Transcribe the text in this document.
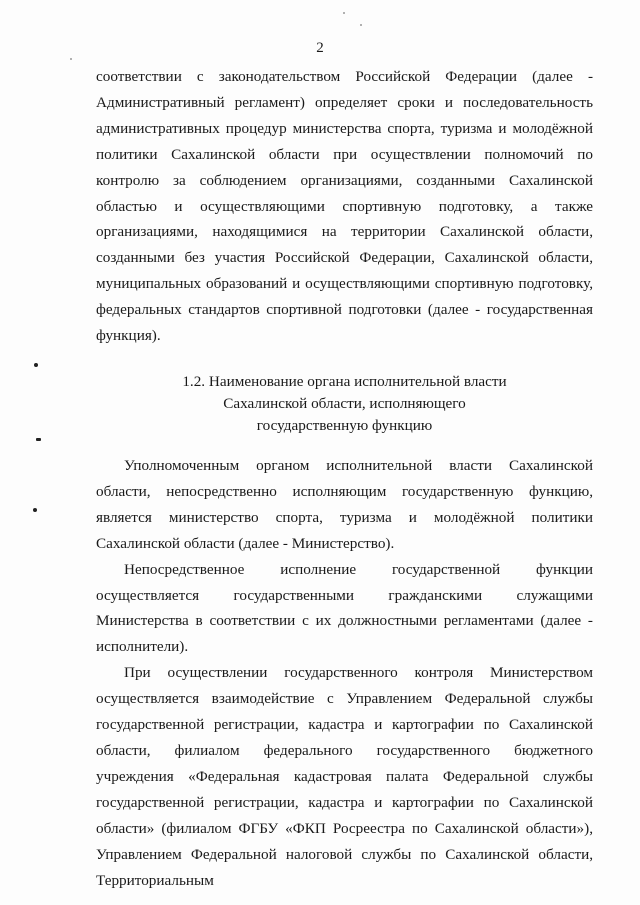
2

соответствии с законодательством Российской Федерации (далее - Административный регламент) определяет сроки и последовательность административных процедур министерства спорта, туризма и молодёжной политики Сахалинской области при осуществлении полномочий по контролю за соблюдением организациями, созданными Сахалинской областью и осуществляющими спортивную подготовку, а также организациями, находящимися на территории Сахалинской области, созданными без участия Российской Федерации, Сахалинской области, муниципальных образований и осуществляющими спортивную подготовку, федеральных стандартов спортивной подготовки (далее - государственная функция).

1.2. Наименование органа исполнительной власти
Сахалинской области, исполняющего
государственную функцию

Уполномоченным органом исполнительной власти Сахалинской области, непосредственно исполняющим государственную функцию, является министерство спорта, туризма и молодёжной политики Сахалинской области (далее - Министерство).

Непосредственное исполнение государственной функции осуществляется государственными гражданскими служащими Министерства в соответствии с их должностными регламентами (далее - исполнители).

При осуществлении государственного контроля Министерством осуществляется взаимодействие с Управлением Федеральной службы государственной регистрации, кадастра и картографии по Сахалинской области, филиалом федерального государственного бюджетного учреждения «Федеральная кадастровая палата Федеральной службы государственной регистрации, кадастра и картографии по Сахалинской области» (филиалом ФГБУ «ФКП Росреестра по Сахалинской области»), Управлением Федеральной налоговой службы по Сахалинской области, Территориальным
